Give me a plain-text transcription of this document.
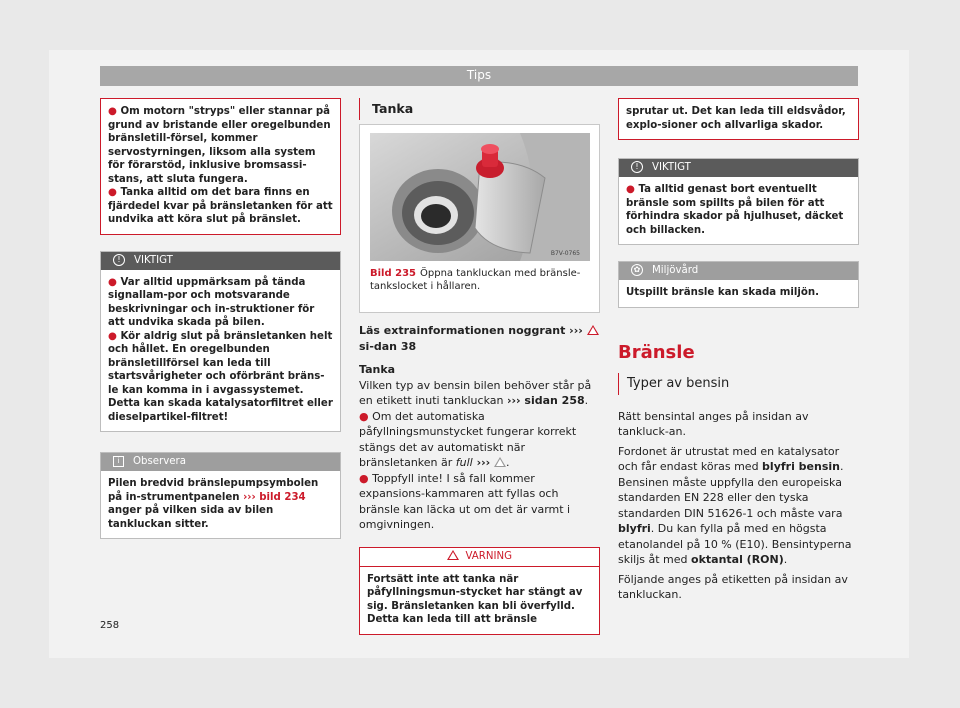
Tips

● Om motorn "stryps" eller stannar på grund av bristande eller oregelbunden bränsletill-försel, kommer servostyrningen, liksom alla system för förarstöd, inklusive bromsassi-stans, att sluta fungera.

● Tanka alltid om det bara finns en fjärdedel kvar på bränsletanken för att undvika att köra slut på bränslet.

! VIKTIGT

● Var alltid uppmärksam på tända signallam-por och motsvarande beskrivningar och in-struktioner för att undvika skada på bilen.

● Kör aldrig slut på bränsletanken helt och hållet. En oregelbunden bränsletillförsel kan leda till startsvårigheter och oförbränt bräns-le kan komma in i avgassystemet. Detta kan skada katalysatorfiltret eller dieselpartikel-filtret!

i Observera

Pilen bredvid bränslepumpsymbolen på in-strumentpanelen ››› bild 234 anger på vilken sida av bilen tankluckan sitter.

Tanka
B7V-0765
Bild 235 Öppna tankluckan med bränsle-tankslocket i hållaren.

Läs extrainformationen noggrant ›››  si-dan 38

Tanka

Vilken typ av bensin bilen behöver står på en etikett inuti tankluckan ››› sidan 258.

● Om det automatiska påfyllningsmunstycket fungerar korrekt stängs det av automatiskt när bränsletanken är full ››› .

● Toppfyll inte! I så fall kommer expansions-kammaren att fyllas och bränsle kan läcka ut om det är varmt i omgivningen.

VARNING

Fortsätt inte att tanka när påfyllningsmun-stycket har stängt av sig. Bränsletanken kan bli överfylld. Detta kan leda till att bränsle

sprutar ut. Det kan leda till eldsvådor, explo-sioner och allvarliga skador.

! VIKTIGT

● Ta alltid genast bort eventuellt bränsle som spillts på bilen för att förhindra skador på hjulhuset, däcket och billacken.

✿ Miljövård

Utspillt bränsle kan skada miljön.

Bränsle
Typer av bensin

Rätt bensintal anges på insidan av tankluck-an.

Fordonet är utrustat med en katalysator och får endast köras med blyfri bensin. Bensinen måste uppfylla den europeiska standarden EN 228 eller den tyska standarden DIN 51626-1 och måste vara blyfri. Du kan fylla på med en högsta etanolandel på 10 % (E10). Bensintyperna skiljs åt med oktantal (RON).

Följande anges på etiketten på insidan av tankluckan.

258
